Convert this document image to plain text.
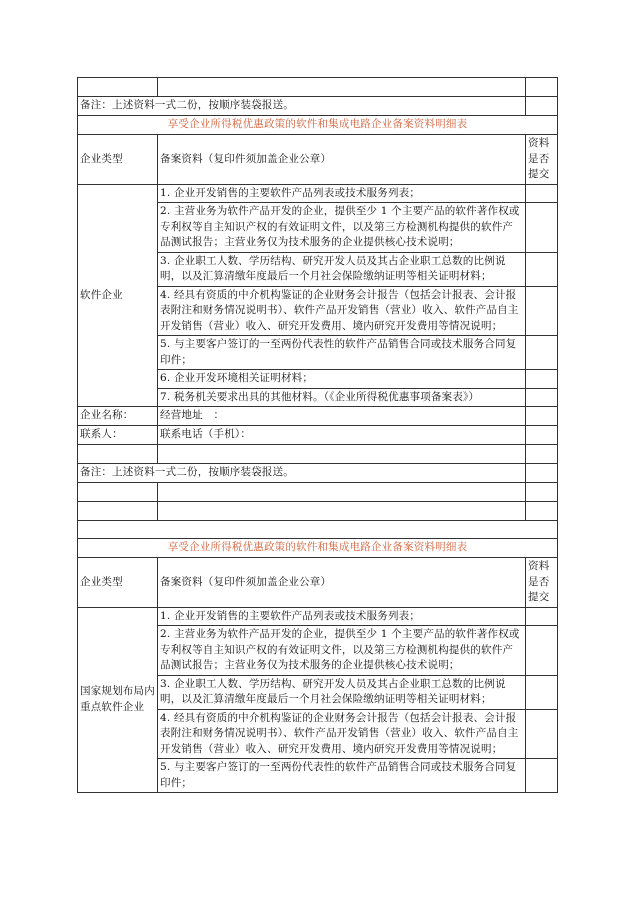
备注：上述资料一式二份，按顺序装袋报送。		
享受企业所得税优惠政策的软件和集成电路企业备案资料明细表		
企业类型	备案资料（复印件须加盖企业公章）	资料是否提交
软件企业	1. 企业开发销售的主要软件产品列表或技术服务列表；	
	2. 主营业务为软件产品开发的企业，提供至少 1 个主要产品的软件著作权或专利权等自主知识产权的有效证明文件，以及第三方检测机构提供的软件产品测试报告；主营业务仅为技术服务的企业提供核心技术说明；	
	3. 企业职工人数、学历结构、研究开发人员及其占企业职工总数的比例说明，以及汇算清缴年度最后一个月社会保险缴纳证明等相关证明材料；	
	4. 经具有资质的中介机构鉴证的企业财务会计报告（包括会计报表、会计报表附注和财务情况说明书）、软件产品开发销售（营业）收入、软件产品自主开发销售（营业）收入、研究开发费用、境内研究开发费用等情况说明；	
	5. 与主要客户签订的一至两份代表性的软件产品销售合同或技术服务合同复印件；	
	6. 企业开发环境相关证明材料；	
	7. 税务机关要求出具的其他材料。（《企业所得税优惠事项备案表》）	
企业名称：	经营地址　：	
联系人：	联系电话（手机）：	

备注：上述资料一式二份，按顺序装袋报送。		

享受企业所得税优惠政策的软件和集成电路企业备案资料明细表		
企业类型	备案资料（复印件须加盖企业公章）	资料是否提交
国家规划布局内重点软件企业	1. 企业开发销售的主要软件产品列表或技术服务列表；	
	2. 主营业务为软件产品开发的企业，提供至少 1 个主要产品的软件著作权或专利权等自主知识产权的有效证明文件，以及第三方检测机构提供的软件产品测试报告；主营业务仅为技术服务的企业提供核心技术说明；	
	3. 企业职工人数、学历结构、研究开发人员及其占企业职工总数的比例说明，以及汇算清缴年度最后一个月社会保险缴纳证明等相关证明材料；	
	4. 经具有资质的中介机构鉴证的企业财务会计报告（包括会计报表、会计报表附注和财务情况说明书）、软件产品开发销售（营业）收入、软件产品自主开发销售（营业）收入、研究开发费用、境内研究开发费用等情况说明；	
	5. 与主要客户签订的一至两份代表性的软件产品销售合同或技术服务合同复印件；	
